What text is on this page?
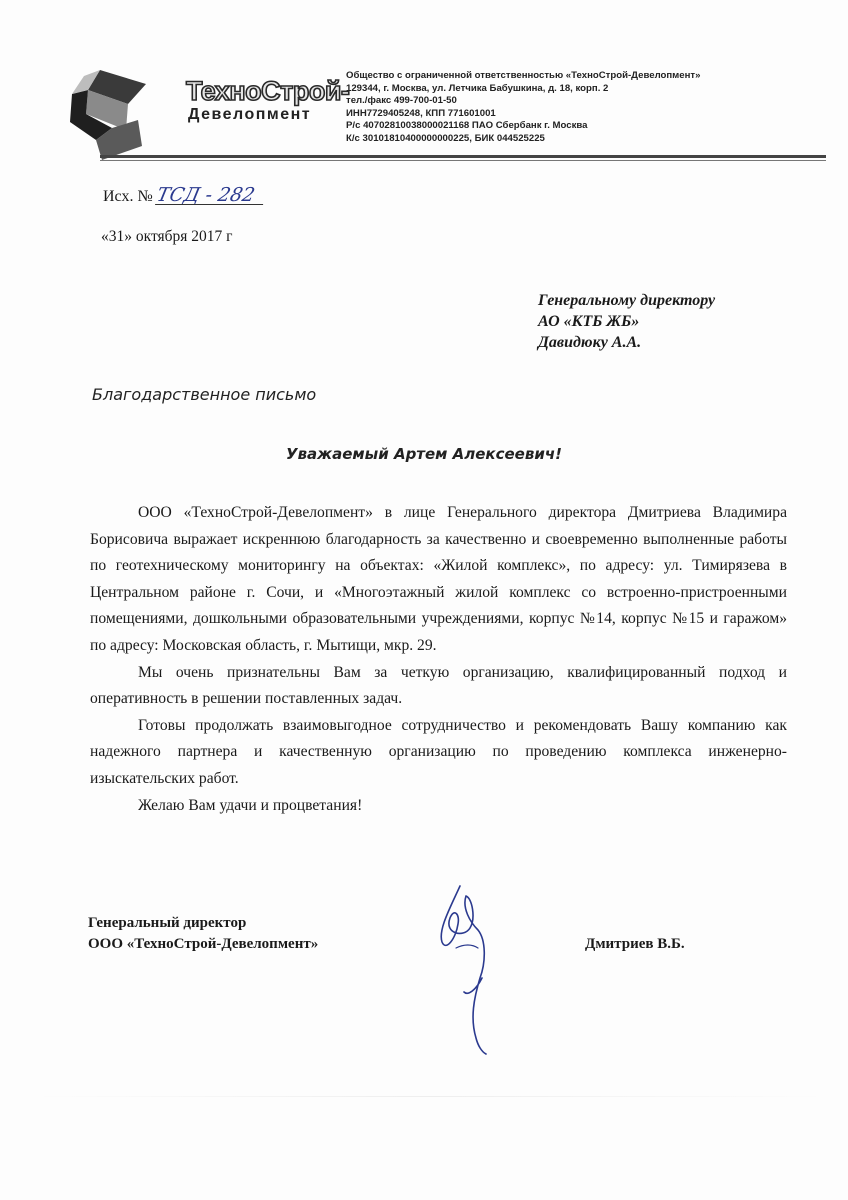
ТехноСтрой-
Девелопмент
Общество с ограниченной ответственностью «ТехноСтрой-Девелопмент»
129344, г. Москва, ул. Летчика Бабушкина, д. 18, корп. 2
тел./факс 499-700-01-50
ИНН7729405248, КПП 771601001
Р/с 40702810038000021168 ПАО Сбербанк г. Москва
К/с 30101810400000000225, БИК 044525225
Исх. №ТСД - 282
«31» октября 2017 г
Генеральному директору
АО «КТБ ЖБ»
Давидюку А.А.
Благодарственное письмо
Уважаемый Артем Алексеевич!

ООО «ТехноСтрой-Девелопмент» в лице Генерального директора Дмитриева Владимира Борисовича выражает искреннюю благодарность за качественно и своевременно выполненные работы по геотехническому мониторингу на объектах: «Жилой комплекс», по адресу: ул. Тимирязева в Центральном районе г. Сочи, и «Многоэтажный жилой комплекс со встроенно-пристроенными помещениями, дошкольными образовательными учреждениями, корпус №14, корпус №15 и гаражом» по адресу: Московская область, г. Мытищи, мкр. 29.

Мы очень признательны Вам за четкую организацию, квалифицированный подход и оперативность в решении поставленных задач.

Готовы продолжать взаимовыгодное сотрудничество и рекомендовать Вашу компанию как надежного партнера и качественную организацию по проведению комплекса инженерно-изыскательских работ.

Желаю Вам удачи и процветания!

Генеральный директор
ООО «ТехноСтрой-Девелопмент»	Дмитриев В.Б.
